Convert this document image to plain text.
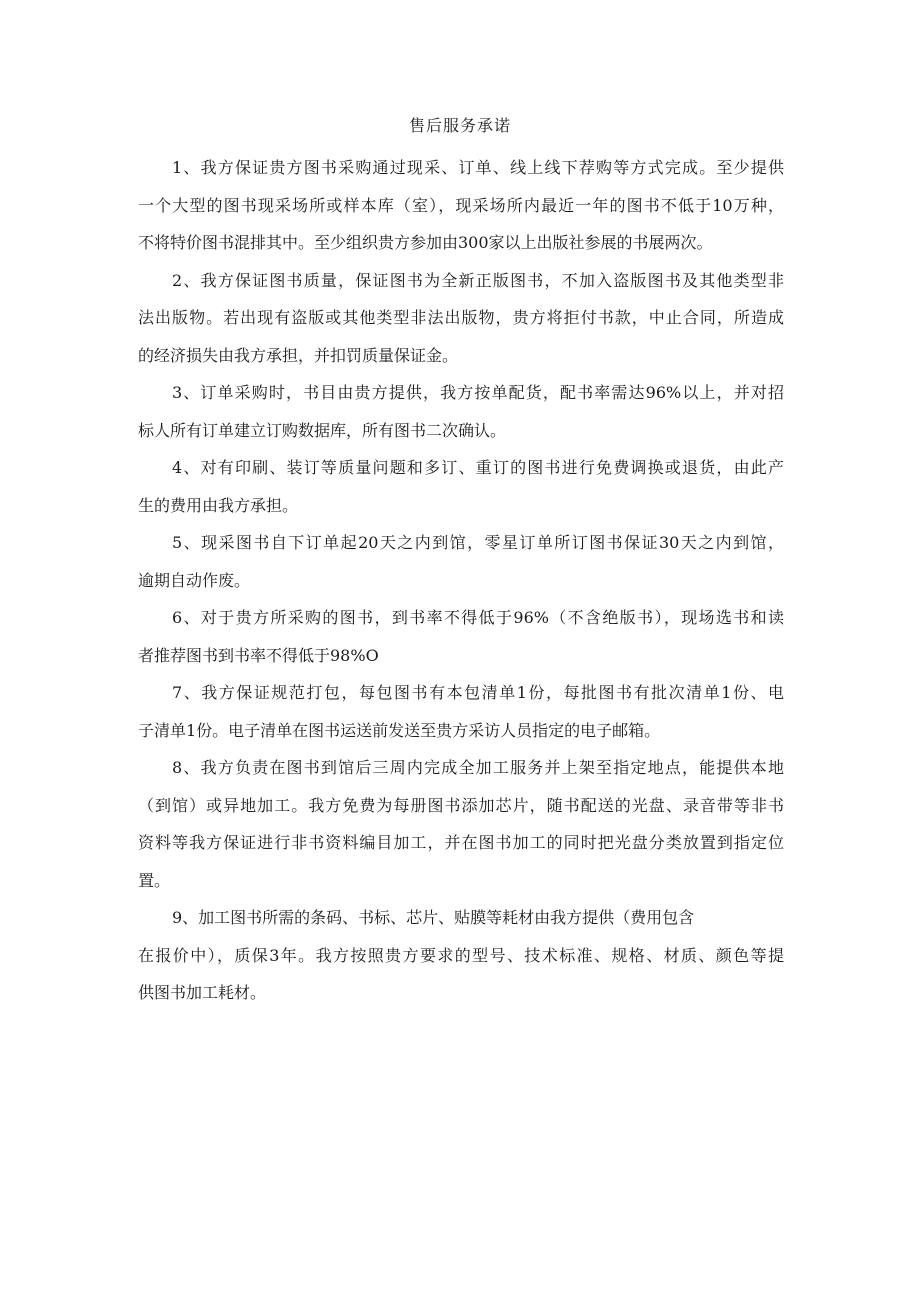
售后服务承诺

1、我方保证贵方图书采购通过现采、订单、线上线下荐购等方式完成。至少提供
一个大型的图书现采场所或样本库（室），现采场所内最近一年的图书不低于10万种，
不将特价图书混排其中。至少组织贵方参加由300家以上出版社参展的书展两次。

2、我方保证图书质量，保证图书为全新正版图书，不加入盗版图书及其他类型非
法出版物。若出现有盗版或其他类型非法出版物，贵方将拒付书款，中止合同，所造成
的经济损失由我方承担，并扣罚质量保证金。

3、订单采购时，书目由贵方提供，我方按单配货，配书率需达96%以上，并对招
标人所有订单建立订购数据库，所有图书二次确认。

4、对有印刷、装订等质量问题和多订、重订的图书进行免费调换或退货，由此产
生的费用由我方承担。

5、现采图书自下订单起20天之内到馆，零星订单所订图书保证30天之内到馆，
逾期自动作废。

6、对于贵方所采购的图书，到书率不得低于96%（不含绝版书），现场选书和读
者推荐图书到书率不得低于98%O

7、我方保证规范打包，每包图书有本包清单1份，每批图书有批次清单1份、电
子清单1份。电子清单在图书运送前发送至贵方采访人员指定的电子邮箱。

8、我方负责在图书到馆后三周内完成全加工服务并上架至指定地点，能提供本地
（到馆）或异地加工。我方免费为每册图书添加芯片，随书配送的光盘、录音带等非书
资料等我方保证进行非书资料编目加工，并在图书加工的同时把光盘分类放置到指定位
置。

9、加工图书所需的条码、书标、芯片、贴膜等耗材由我方提供（费用包含
在报价中），质保3年。我方按照贵方要求的型号、技术标准、规格、材质、颜色等提
供图书加工耗材。
